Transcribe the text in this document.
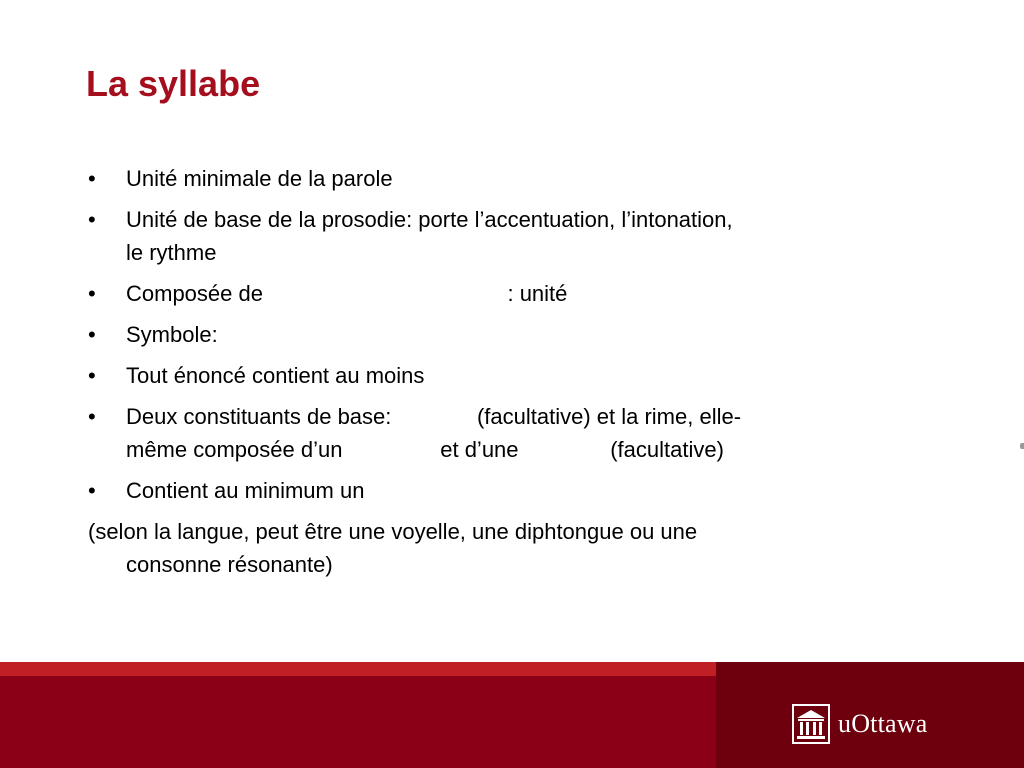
La syllabe
• Unité minimale de la parole
• Unité de base de la prosodie: porte l’accentuation, l’intonation,
le rythme
• Composée de                                        : unité
• Symbole:
• Tout énoncé contient au moins
• Deux constituants de base:              (facultative) et la rime, elle-
même composée d’un                et d’une               (facultative)
• Contient au minimum un
(selon la langue, peut être une voyelle, une diphtongue ou une
consonne résonante)
uOttawa
